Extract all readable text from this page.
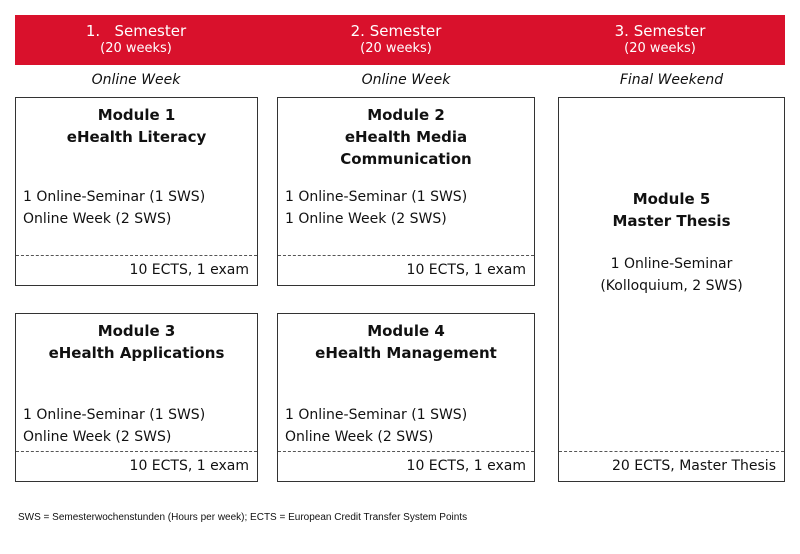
1.   Semester
(20 weeks)
2. Semester
(20 weeks)
3. Semester
(20 weeks)
Online Week	Online Week	Final Weekend
Module 1
eHealth Literacy
1 Online-Seminar (1 SWS)
Online Week (2 SWS)
10 ECTS, 1 exam
Module 2
eHealth Media
Communication
1 Online-Seminar (1 SWS)
1 Online Week (2 SWS)
10 ECTS, 1 exam
Module 3
eHealth Applications
1 Online-Seminar (1 SWS)
Online Week (2 SWS)
10 ECTS, 1 exam
Module 4
eHealth Management
1 Online-Seminar (1 SWS)
Online Week (2 SWS)
10 ECTS, 1 exam
Module 5
Master Thesis
1 Online-Seminar
(Kolloquium, 2 SWS)
20 ECTS, Master Thesis
SWS = Semesterwochenstunden (Hours per week); ECTS = European Credit Transfer System Points
